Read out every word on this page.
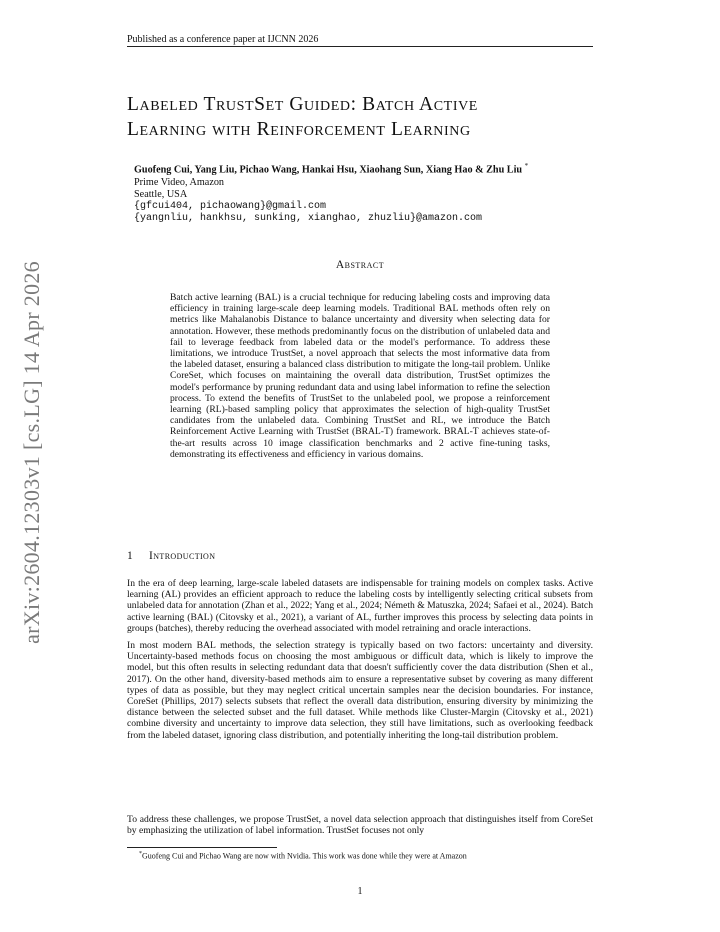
Published as a conference paper at IJCNN 2026
arXiv:2604.12303v1 [cs.LG] 14 Apr 2026
Labeled TrustSet Guided: Batch Active
Learning with Reinforcement Learning
Guofeng Cui, Yang Liu, Pichao Wang, Hankai Hsu, Xiaohang Sun, Xiang Hao & Zhu Liu *
Prime Video, Amazon
Seattle, USA
{gfcui404, pichaowang}@gmail.com
{yangnliu, hankhsu, sunking, xianghao, zhuzliu}@amazon.com
Abstract

Batch active learning (BAL) is a crucial technique for reducing labeling costs and improving data efficiency in training large-scale deep learning models. Traditional BAL methods often rely on metrics like Mahalanobis Distance to balance uncertainty and diversity when selecting data for annotation. However, these methods predominantly focus on the distribution of unlabeled data and fail to leverage feedback from labeled data or the model's performance. To address these limitations, we introduce TrustSet, a novel approach that selects the most informative data from the labeled dataset, ensuring a balanced class distribution to mitigate the long-tail problem. Unlike CoreSet, which focuses on maintaining the overall data distribution, TrustSet optimizes the model's performance by pruning redundant data and using label information to refine the selection process. To extend the benefits of TrustSet to the unlabeled pool, we propose a reinforcement learning (RL)-based sampling policy that approximates the selection of high-quality TrustSet candidates from the unlabeled data. Combining TrustSet and RL, we introduce the Batch Reinforcement Active Learning with TrustSet (BRAL-T) framework. BRAL-T achieves state-of-the-art results across 10 image classification benchmarks and 2 active fine-tuning tasks, demonstrating its effectiveness and efficiency in various domains.

1 Introduction

In the era of deep learning, large-scale labeled datasets are indispensable for training models on complex tasks. Active learning (AL) provides an efficient approach to reduce the labeling costs by intelligently selecting critical subsets from unlabeled data for annotation (Zhan et al., 2022; Yang et al., 2024; Németh & Matuszka, 2024; Safaei et al., 2024). Batch active learning (BAL) (Citovsky et al., 2021), a variant of AL, further improves this process by selecting data points in groups (batches), thereby reducing the overhead associated with model retraining and oracle interactions.

In most modern BAL methods, the selection strategy is typically based on two factors: uncertainty and diversity. Uncertainty-based methods focus on choosing the most ambiguous or difficult data, which is likely to improve the model, but this often results in selecting redundant data that doesn't sufficiently cover the data distribution (Shen et al., 2017). On the other hand, diversity-based methods aim to ensure a representative subset by covering as many different types of data as possible, but they may neglect critical uncertain samples near the decision boundaries. For instance, CoreSet (Phillips, 2017) selects subsets that reflect the overall data distribution, ensuring diversity by minimizing the distance between the selected subset and the full dataset. While methods like Cluster-Margin (Citovsky et al., 2021) combine diversity and uncertainty to improve data selection, they still have limitations, such as overlooking feedback from the labeled dataset, ignoring class distribution, and potentially inheriting the long-tail distribution problem.

To address these challenges, we propose TrustSet, a novel data selection approach that distinguishes itself from CoreSet by emphasizing the utilization of label information. TrustSet focuses not only

*Guofeng Cui and Pichao Wang are now with Nvidia. This work was done while they were at Amazon
1
